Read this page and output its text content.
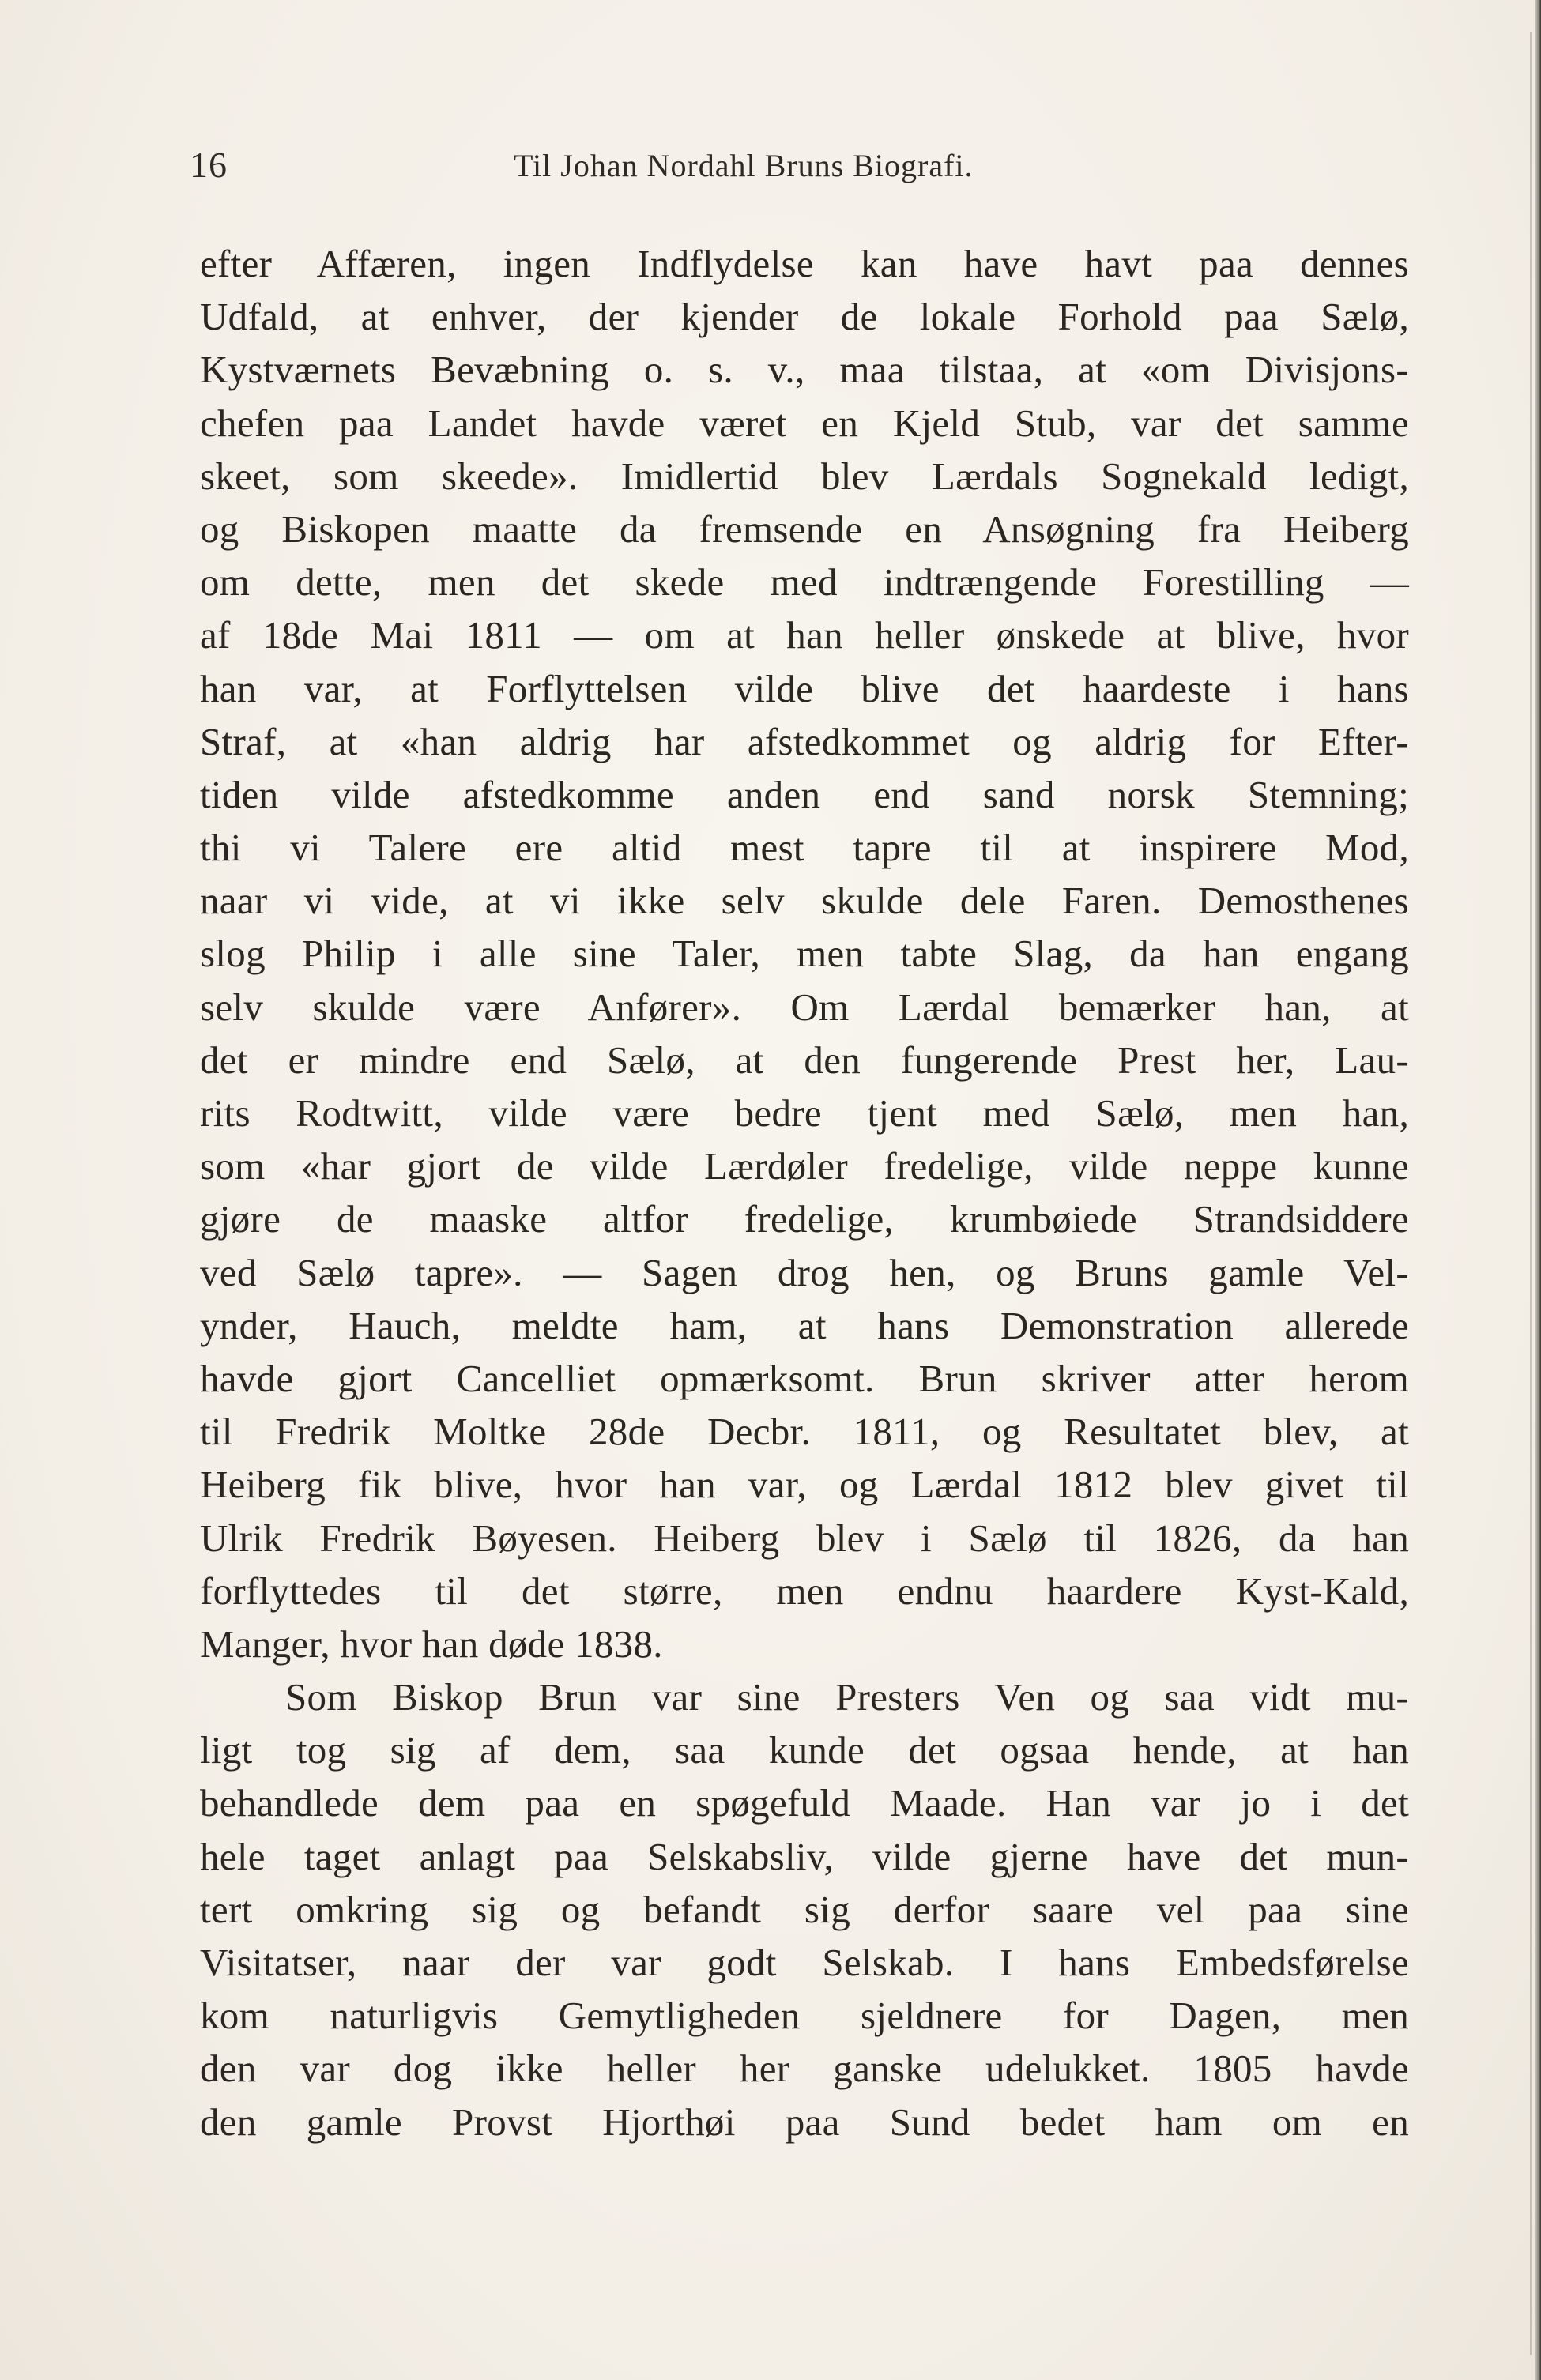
16	Til Johan Nordahl Bruns Biografi.
efter Affæren, ingen Indflydelse kan have havt paa dennes
Udfald, at enhver, der kjender de lokale Forhold paa Sælø,
Kystværnets Bevæbning o. s. v., maa tilstaa, at «om Divisjons-
chefen paa Landet havde været en Kjeld Stub, var det samme
skeet, som skeede». Imidlertid blev Lærdals Sognekald ledigt,
og Biskopen maatte da fremsende en Ansøgning fra Heiberg
om dette, men det skede med indtrængende Forestilling —
af 18de Mai 1811 — om at han heller ønskede at blive, hvor
han var, at Forflyttelsen vilde blive det haardeste i hans
Straf, at «han aldrig har afstedkommet og aldrig for Efter-
tiden vilde afstedkomme anden end sand norsk Stemning;
thi vi Talere ere altid mest tapre til at inspirere Mod,
naar vi vide, at vi ikke selv skulde dele Faren. Demosthenes
slog Philip i alle sine Taler, men tabte Slag, da han engang
selv skulde være Anfører». Om Lærdal bemærker han, at
det er mindre end Sælø, at den fungerende Prest her, Lau-
rits Rodtwitt, vilde være bedre tjent med Sælø, men han,
som «har gjort de vilde Lærdøler fredelige, vilde neppe kunne
gjøre de maaske altfor fredelige, krumbøiede Strandsiddere
ved Sælø tapre». — Sagen drog hen, og Bruns gamle Vel-
ynder, Hauch, meldte ham, at hans Demonstration allerede
havde gjort Cancelliet opmærksomt. Brun skriver atter herom
til Fredrik Moltke 28de Decbr. 1811, og Resultatet blev, at
Heiberg fik blive, hvor han var, og Lærdal 1812 blev givet til
Ulrik Fredrik Bøyesen. Heiberg blev i Sælø til 1826, da han
forflyttedes til det større, men endnu haardere Kyst-Kald,
Manger, hvor han døde 1838.
Som Biskop Brun var sine Presters Ven og saa vidt mu-
ligt tog sig af dem, saa kunde det ogsaa hende, at han
behandlede dem paa en spøgefuld Maade. Han var jo i det
hele taget anlagt paa Selskabsliv, vilde gjerne have det mun-
tert omkring sig og befandt sig derfor saare vel paa sine
Visitatser, naar der var godt Selskab. I hans Embedsførelse
kom naturligvis Gemytligheden sjeldnere for Dagen, men
den var dog ikke heller her ganske udelukket. 1805 havde
den gamle Provst Hjorthøi paa Sund bedet ham om en
